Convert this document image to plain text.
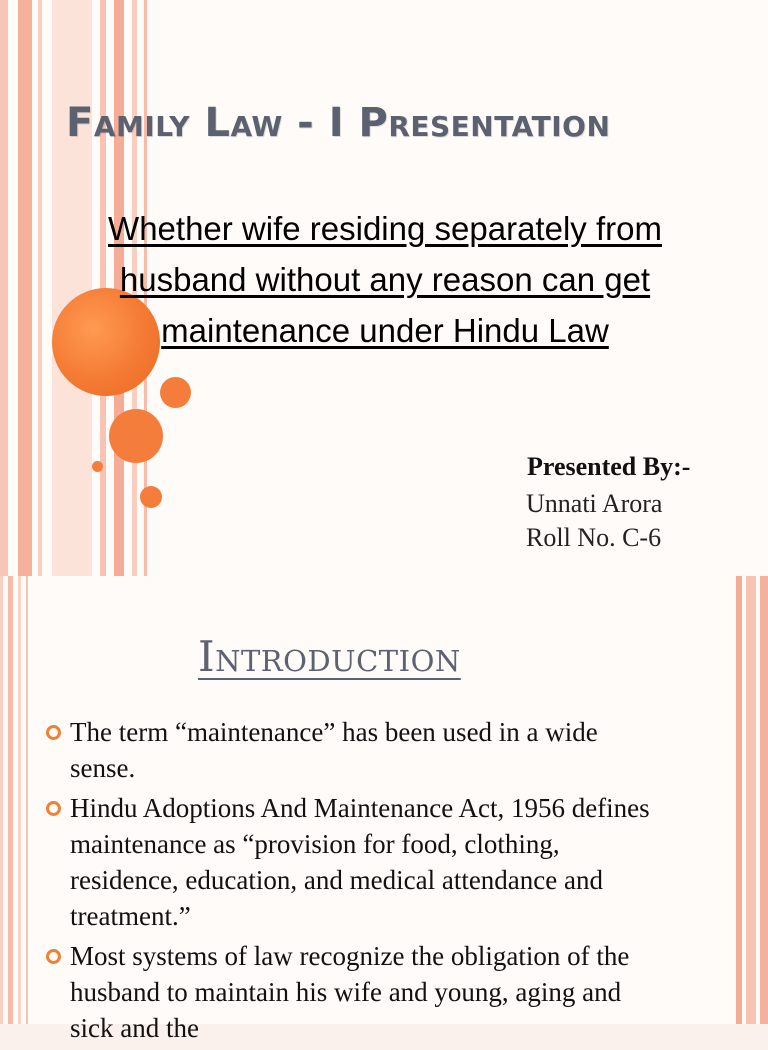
Family Law - I Presentation
Whether wife residing separately from husband without any reason can get maintenance under Hindu Law
Presented By:-
Unnati Arora
Roll No. C-6
Introduction
The term “maintenance” has been used in a wide sense.
Hindu Adoptions And Maintenance Act, 1956 defines maintenance as “provision for food, clothing, residence, education, and medical attendance and treatment.”
Most systems of law recognize the obligation of the husband to maintain his wife and young, aging and sick and the
